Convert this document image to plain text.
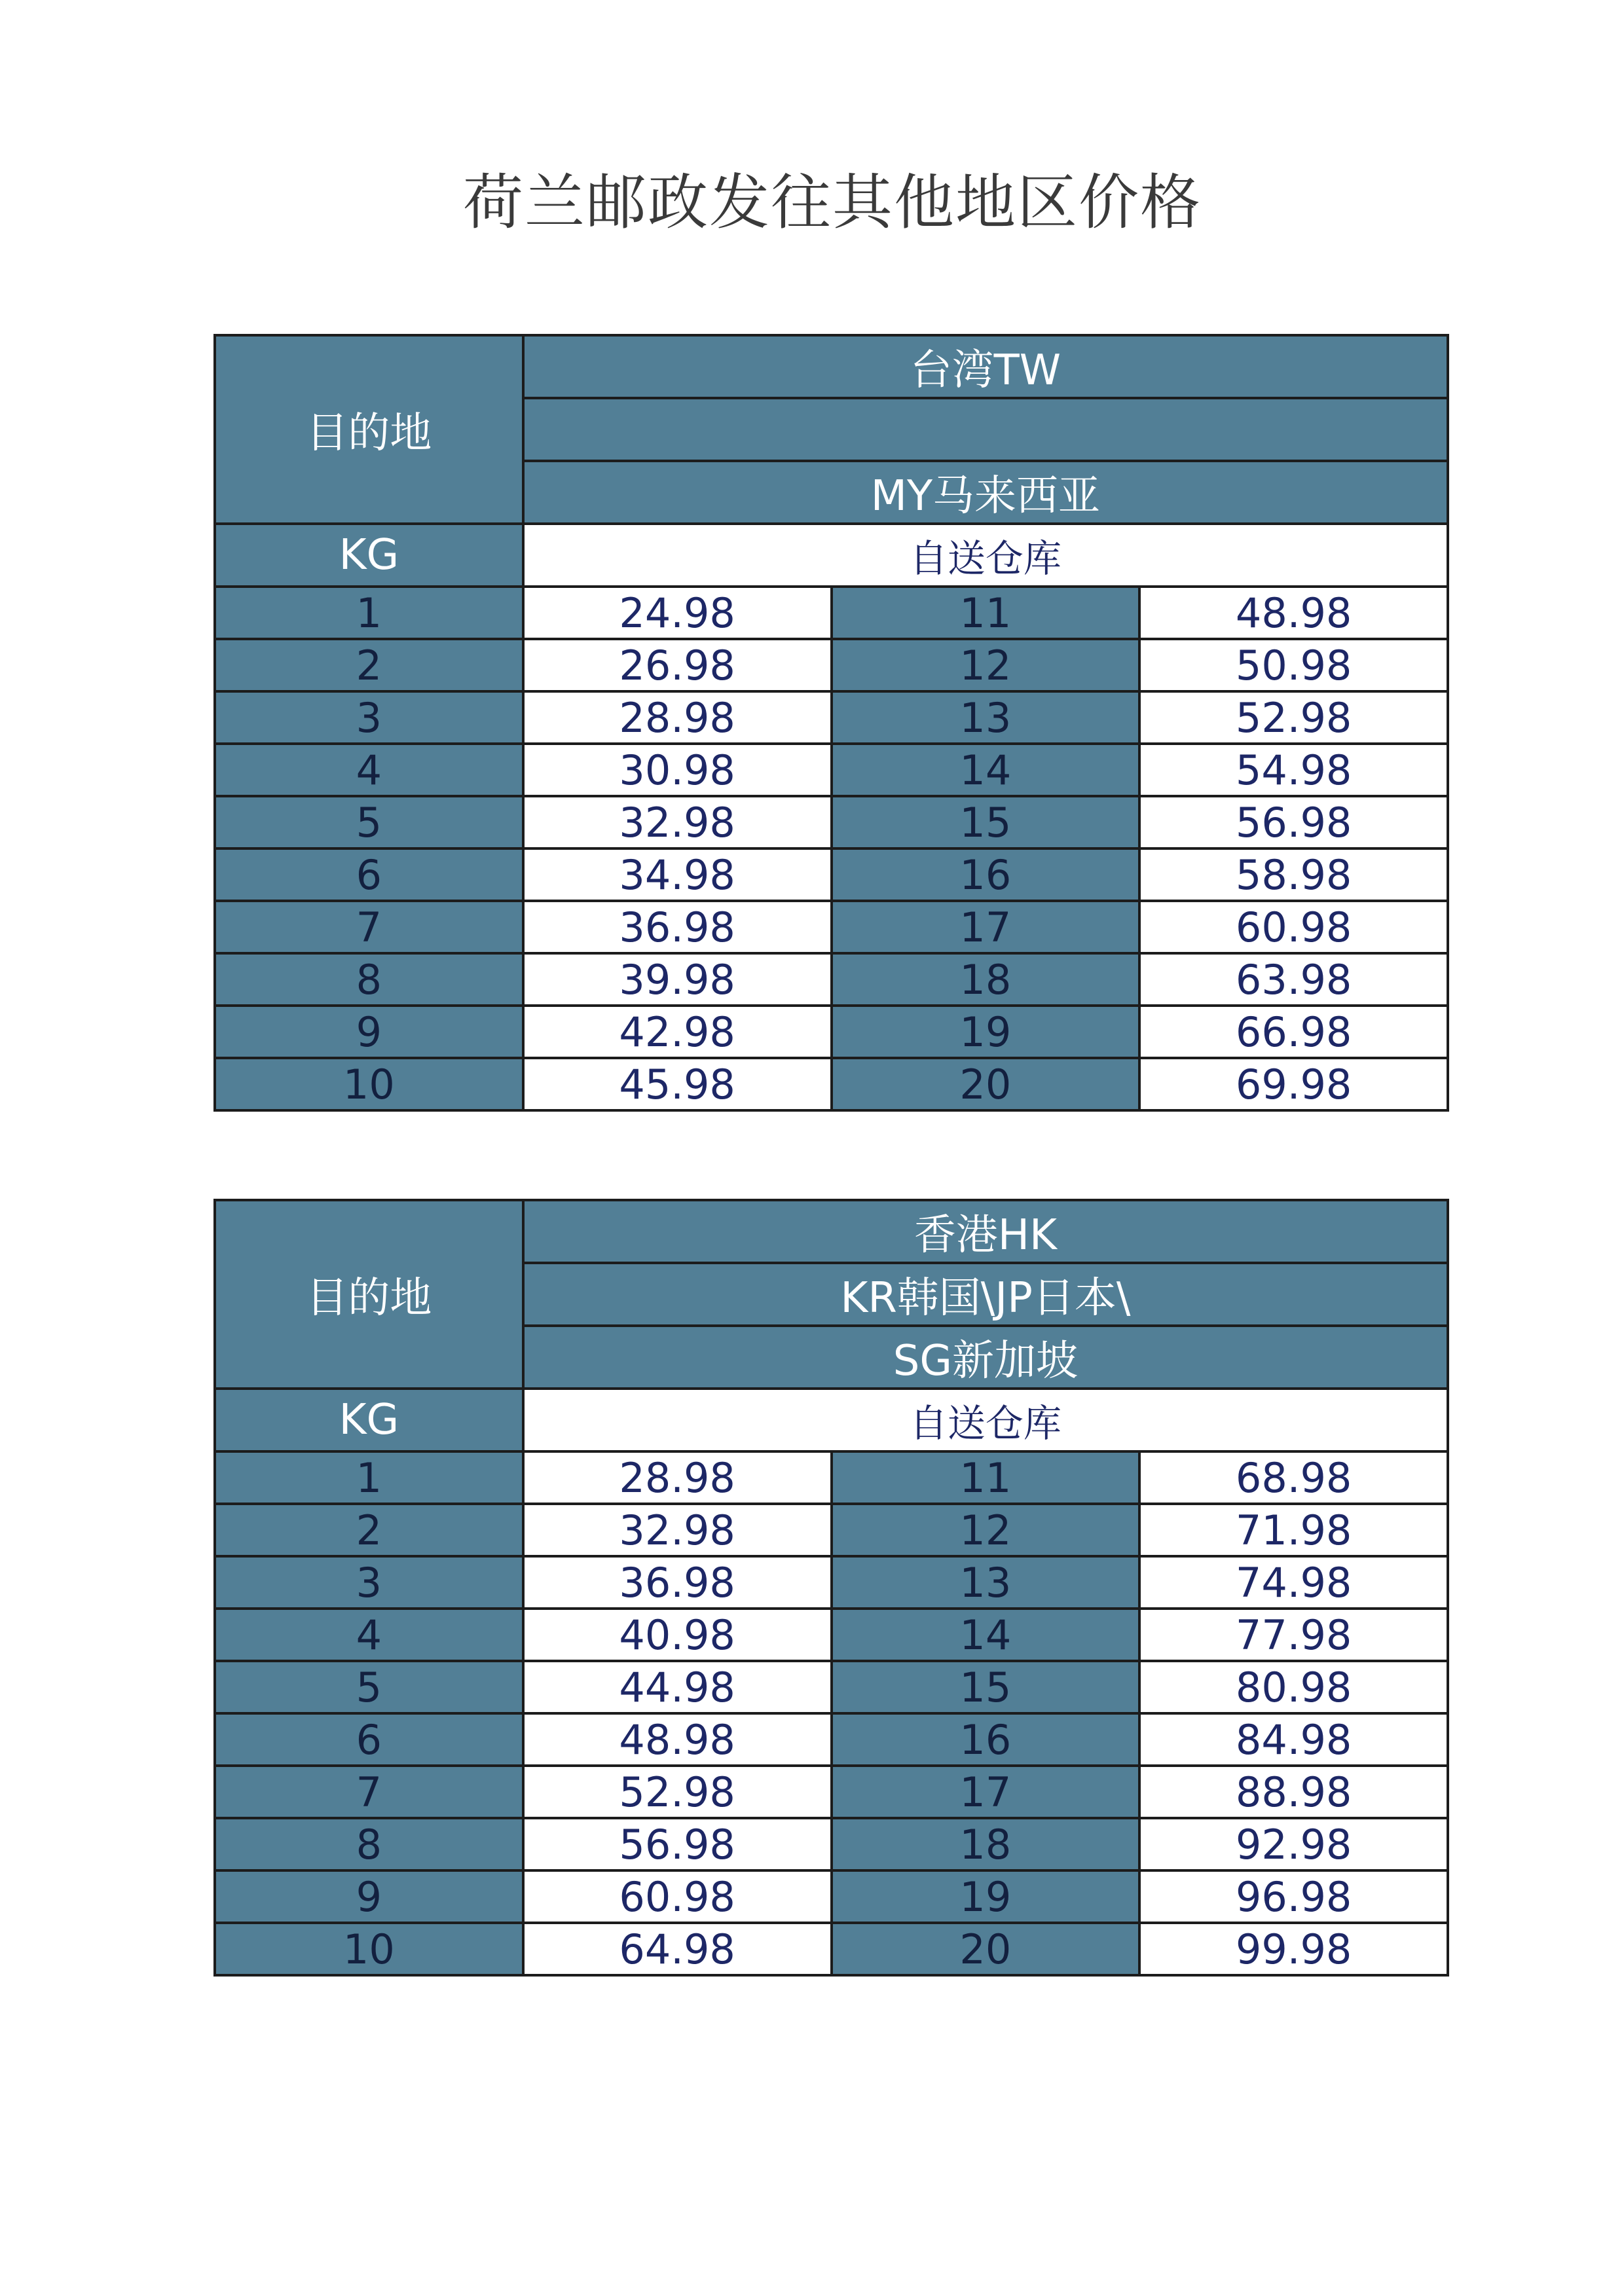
荷兰邮政发往其他地区价格
目的地	台湾TW		

	MY马来西亚		
KG	自送仓库		
1	24.98	11	48.98
2	26.98	12	50.98
3	28.98	13	52.98
4	30.98	14	54.98
5	32.98	15	56.98
6	34.98	16	58.98
7	36.98	17	60.98
8	39.98	18	63.98
9	42.98	19	66.98
10	45.98	20	69.98
目的地	香港HK		
	KR韩国\JP日本\		
	SG新加坡		
KG	自送仓库		
1	28.98	11	68.98
2	32.98	12	71.98
3	36.98	13	74.98
4	40.98	14	77.98
5	44.98	15	80.98
6	48.98	16	84.98
7	52.98	17	88.98
8	56.98	18	92.98
9	60.98	19	96.98
10	64.98	20	99.98
